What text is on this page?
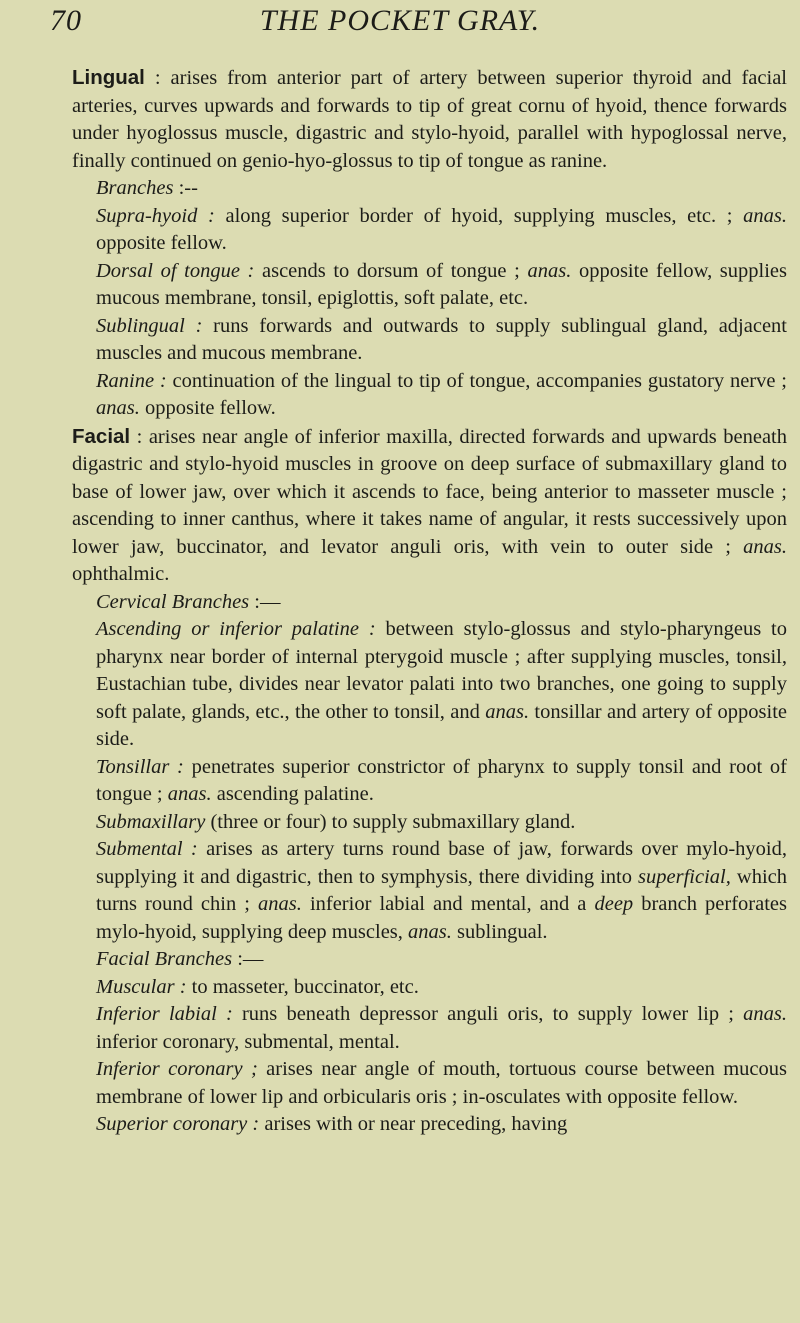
70	THE POCKET GRAY.

Lingual : arises from anterior part of artery between superior thyroid and facial arteries, curves upwards and forwards to tip of great cornu of hyoid, thence forwards under hyoglossus muscle, digastric and stylo-hyoid, parallel with hypoglossal nerve, finally continued on genio-hyo-glossus to tip of tongue as ranine.

Branches :--

Supra-hyoid : along superior border of hyoid, supplying muscles, etc. ; anas. opposite fellow.

Dorsal of tongue : ascends to dorsum of tongue ; anas. opposite fellow, supplies mucous membrane, tonsil, epiglottis, soft palate, etc.

Sublingual : runs forwards and outwards to supply sublingual gland, adjacent muscles and mucous membrane.

Ranine : continuation of the lingual to tip of tongue, accompanies gustatory nerve ; anas. opposite fellow.

Facial : arises near angle of inferior maxilla, directed forwards and upwards beneath digastric and stylo-hyoid muscles in groove on deep surface of submaxillary gland to base of lower jaw, over which it ascends to face, being anterior to masseter muscle ; ascending to inner canthus, where it takes name of angular, it rests successively upon lower jaw, buccinator, and levator anguli oris, with vein to outer side ; anas. ophthalmic.

Cervical Branches :—

Ascending or inferior palatine : between stylo-glossus and stylo-pharyngeus to pharynx near border of internal pterygoid muscle ; after supplying muscles, tonsil, Eustachian tube, divides near levator palati into two branches, one going to supply soft palate, glands, etc., the other to tonsil, and anas. tonsillar and artery of opposite side.

Tonsillar : penetrates superior constrictor of pharynx to supply tonsil and root of tongue ; anas. ascending palatine.

Submaxillary (three or four) to supply submaxillary gland.

Submental : arises as artery turns round base of jaw, forwards over mylo-hyoid, supplying it and digastric, then to symphysis, there dividing into superficial, which turns round chin ; anas. inferior labial and mental, and a deep branch perforates mylo-hyoid, supplying deep muscles, anas. sublingual.

Facial Branches :—

Muscular : to masseter, buccinator, etc.

Inferior labial : runs beneath depressor anguli oris, to supply lower lip ; anas. inferior coronary, submental, mental.

Inferior coronary ; arises near angle of mouth, tortuous course between mucous membrane of lower lip and orbicularis oris ; in-osculates with opposite fellow.

Superior coronary : arises with or near preceding, having
